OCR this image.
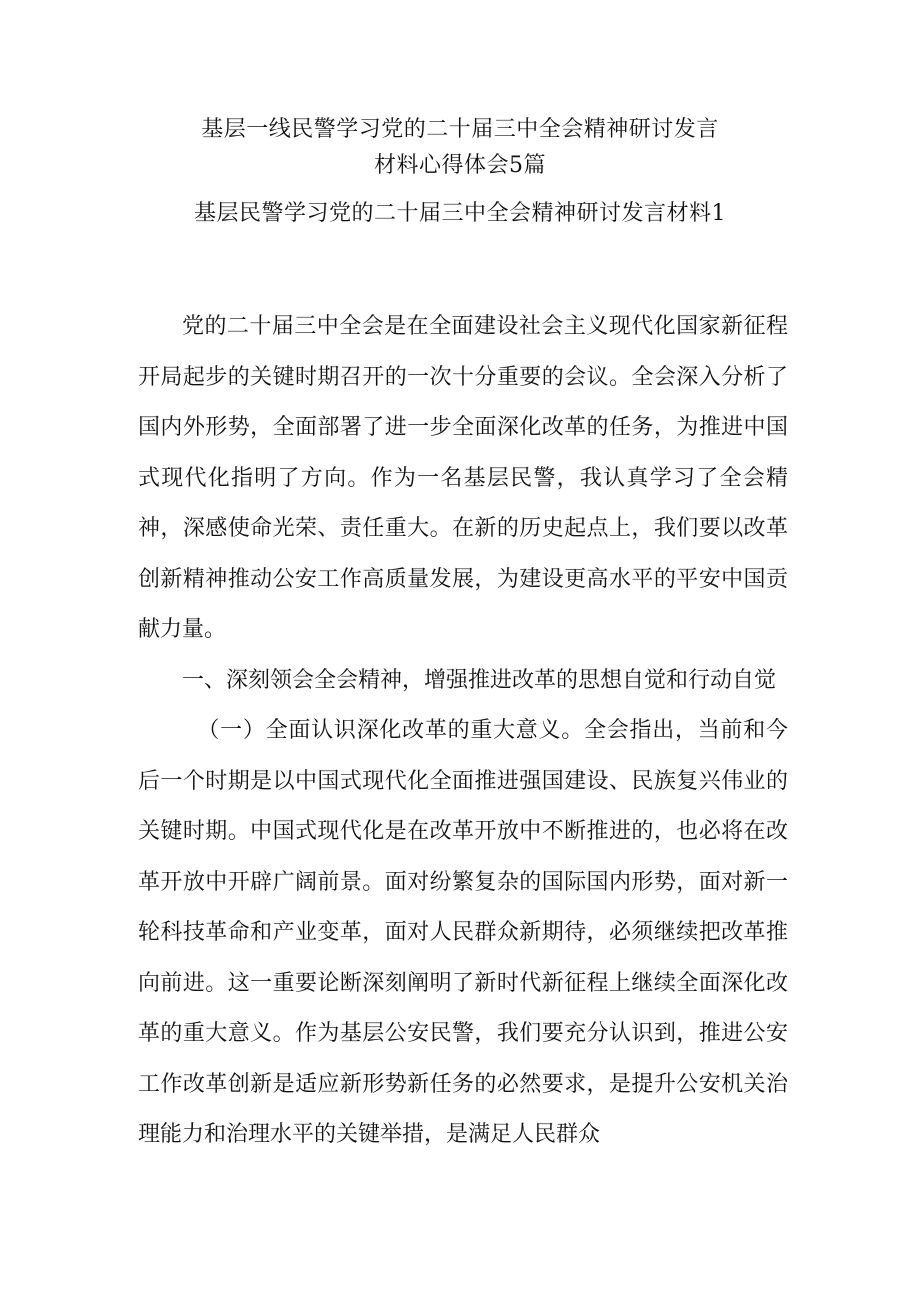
基层一线民警学习党的二十届三中全会精神研讨发言
材料心得体会5篇
基层民警学习党的二十届三中全会精神研讨发言材料1

党的二十届三中全会是在全面建设社会主义现代化国家新征程开局起步的关键时期召开的一次十分重要的会议。全会深入分析了国内外形势，全面部署了进一步全面深化改革的任务，为推进中国式现代化指明了方向。作为一名基层民警，我认真学习了全会精神，深感使命光荣、责任重大。在新的历史起点上，我们要以改革创新精神推动公安工作高质量发展，为建设更高水平的平安中国贡献力量。

一、深刻领会全会精神，增强推进改革的思想自觉和行动自觉

（一）全面认识深化改革的重大意义。全会指出，当前和今后一个时期是以中国式现代化全面推进强国建设、民族复兴伟业的关键时期。中国式现代化是在改革开放中不断推进的，也必将在改革开放中开辟广阔前景。面对纷繁复杂的国际国内形势，面对新一轮科技革命和产业变革，面对人民群众新期待，必须继续把改革推向前进。这一重要论断深刻阐明了新时代新征程上继续全面深化改革的重大意义。作为基层公安民警，我们要充分认识到，推进公安工作改革创新是适应新形势新任务的必然要求，是提升公安机关治理能力和治理水平的关键举措，是满足人民群众
